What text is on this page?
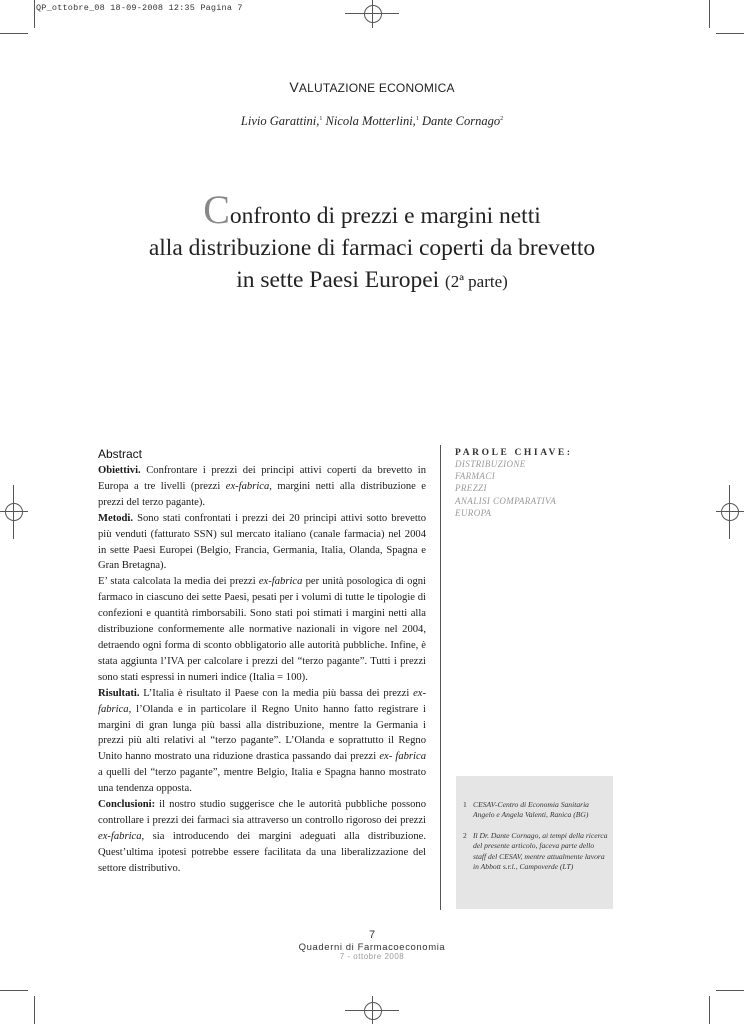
QP_ottobre_08 18-09-2008 12:35 Pagina 7
VALUTAZIONE ECONOMICA
Livio Garattini,$^1$ Nicola Motterlini,$^1$ Dante Cornago$^2$
Confronto di prezzi e margini netti
alla distribuzione di farmaci coperti da brevetto
in sette Paesi Europei (2ª parte)
Abstract

Obiettivi. Confrontare i prezzi dei principi attivi coperti da brevetto in Europa a tre livelli (prezzi ex-fabrica, margini netti alla distribuzione e prezzi del terzo pagante).

Metodi. Sono stati confrontati i prezzi dei 20 principi attivi sotto brevetto più venduti (fatturato SSN) sul mercato italiano (canale farmacia) nel 2004 in sette Paesi Europei (Belgio, Francia, Germania, Italia, Olanda, Spagna e Gran Bretagna).

E’ stata calcolata la media dei prezzi ex-fabrica per unità posologica di ogni farmaco in ciascuno dei sette Paesi, pesati per i volumi di tutte le tipologie di confezioni e quantità rimborsabili. Sono stati poi stimati i margini netti alla distribuzione conformemente alle normative nazionali in vigore nel 2004, detraendo ogni forma di sconto obbligatorio alle autorità pubbliche. Infine, è stata aggiunta l’IVA per calcolare i prezzi del “terzo pagante”. Tutti i prezzi sono stati espressi in numeri indice (Italia = 100).

Risultati. L’Italia è risultato il Paese con la media più bassa dei prezzi ex-fabrica, l’Olanda e in particolare il Regno Unito hanno fatto registrare i margini di gran lunga più bassi alla distribuzione, mentre la Germania i prezzi più alti relativi al “terzo pagante”. L’Olanda e soprattutto il Regno Unito hanno mostrato una riduzione drastica passando dai prezzi ex- fabrica a quelli del “terzo pagante”, mentre Belgio, Italia e Spagna hanno mostrato una tendenza opposta.

Conclusioni: il nostro studio suggerisce che le autorità pubbliche possono controllare i prezzi dei farmaci sia attraverso un controllo rigoroso dei prezzi ex-fabrica, sia introducendo dei margini adeguati alla distribuzione. Quest’ultima ipotesi potrebbe essere facilitata da una liberalizzazione del settore distributivo.

PAROLE CHIAVE:
DISTRIBUZIONE
FARMACI
PREZZI
ANALISI COMPARATIVA
EUROPA
1 CESAV-Centro di Economia Sanitaria Angelo e Angela Valenti, Ranica (BG)
2 Il Dr. Dante Cornago, ai tempi della ricerca del presente articolo, faceva parte dello staff del CESAV, mentre attualmente lavora in Abbott s.r.l., Campoverde (LT)
7
Quaderni di Farmacoeconomia
7 - ottobre 2008
